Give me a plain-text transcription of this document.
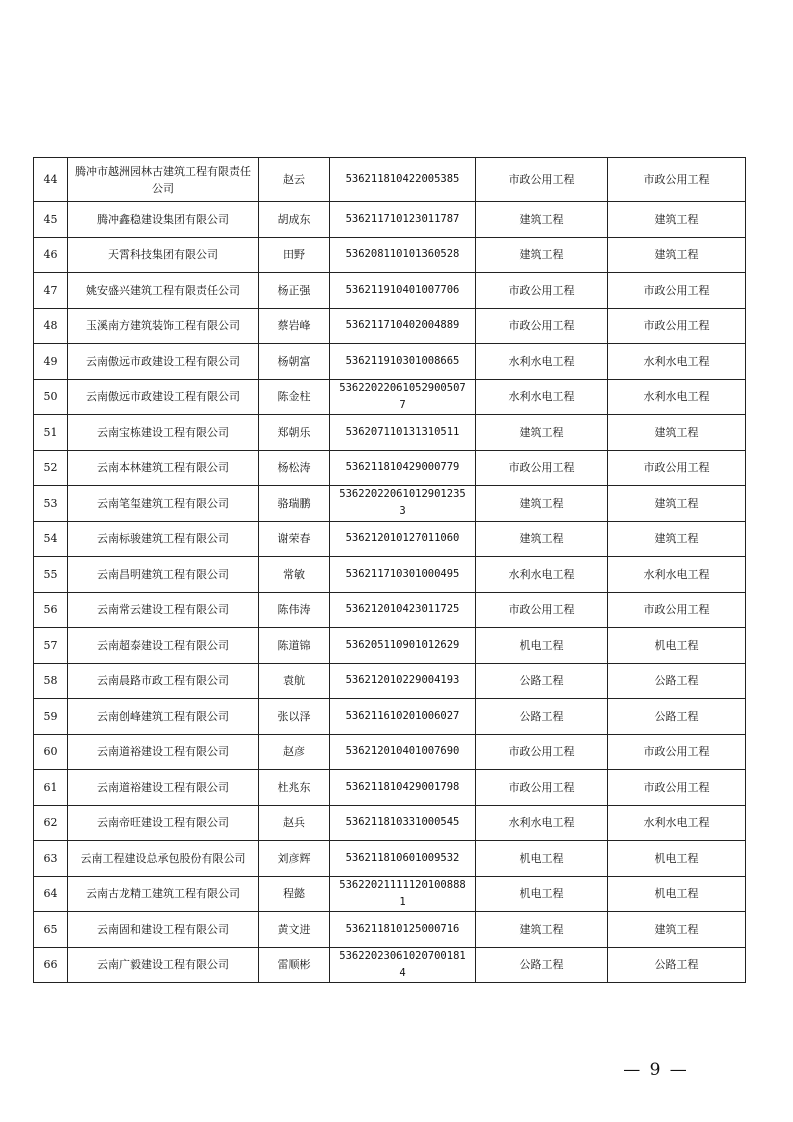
44	腾冲市越洲园林古建筑工程有限责任公司	赵云	536211810422005385	市政公用工程	市政公用工程
45	腾冲鑫稳建设集团有限公司	胡成东	536211710123011787	建筑工程	建筑工程
46	天霄科技集团有限公司	田野	536208110101360528	建筑工程	建筑工程
47	姚安盛兴建筑工程有限责任公司	杨正强	536211910401007706	市政公用工程	市政公用工程
48	玉溪南方建筑装饰工程有限公司	蔡岩峰	536211710402004889	市政公用工程	市政公用工程
49	云南傲远市政建设工程有限公司	杨朝富	536211910301008665	水利水电工程	水利水电工程
50	云南傲远市政建设工程有限公司	陈金柱	53622022061052900507 7	水利水电工程	水利水电工程
51	云南宝栋建设工程有限公司	郑朝乐	536207110131310511	建筑工程	建筑工程
52	云南本林建筑工程有限公司	杨松涛	536211810429000779	市政公用工程	市政公用工程
53	云南笔玺建筑工程有限公司	骆瑞鹏	53622022061012901235 3	建筑工程	建筑工程
54	云南标骏建筑工程有限公司	谢荣春	536212010127011060	建筑工程	建筑工程
55	云南昌明建筑工程有限公司	常敏	536211710301000495	水利水电工程	水利水电工程
56	云南常云建设工程有限公司	陈伟涛	536212010423011725	市政公用工程	市政公用工程
57	云南超泰建设工程有限公司	陈道锦	536205110901012629	机电工程	机电工程
58	云南晨路市政工程有限公司	袁航	536212010229004193	公路工程	公路工程
59	云南创峰建筑工程有限公司	张以泽	536211610201006027	公路工程	公路工程
60	云南道裕建设工程有限公司	赵彦	536212010401007690	市政公用工程	市政公用工程
61	云南道裕建设工程有限公司	杜兆东	536211810429001798	市政公用工程	市政公用工程
62	云南帝旺建设工程有限公司	赵兵	536211810331000545	水利水电工程	水利水电工程
63	云南工程建设总承包股份有限公司	刘彦辉	536211810601009532	机电工程	机电工程
64	云南古龙精工建筑工程有限公司	程懿	53622021111120100888 1	机电工程	机电工程
65	云南固和建设工程有限公司	黄文进	536211810125000716	建筑工程	建筑工程
66	云南广毅建设工程有限公司	雷顺彬	53622023061020700181 4	公路工程	公路工程
— 9 —
